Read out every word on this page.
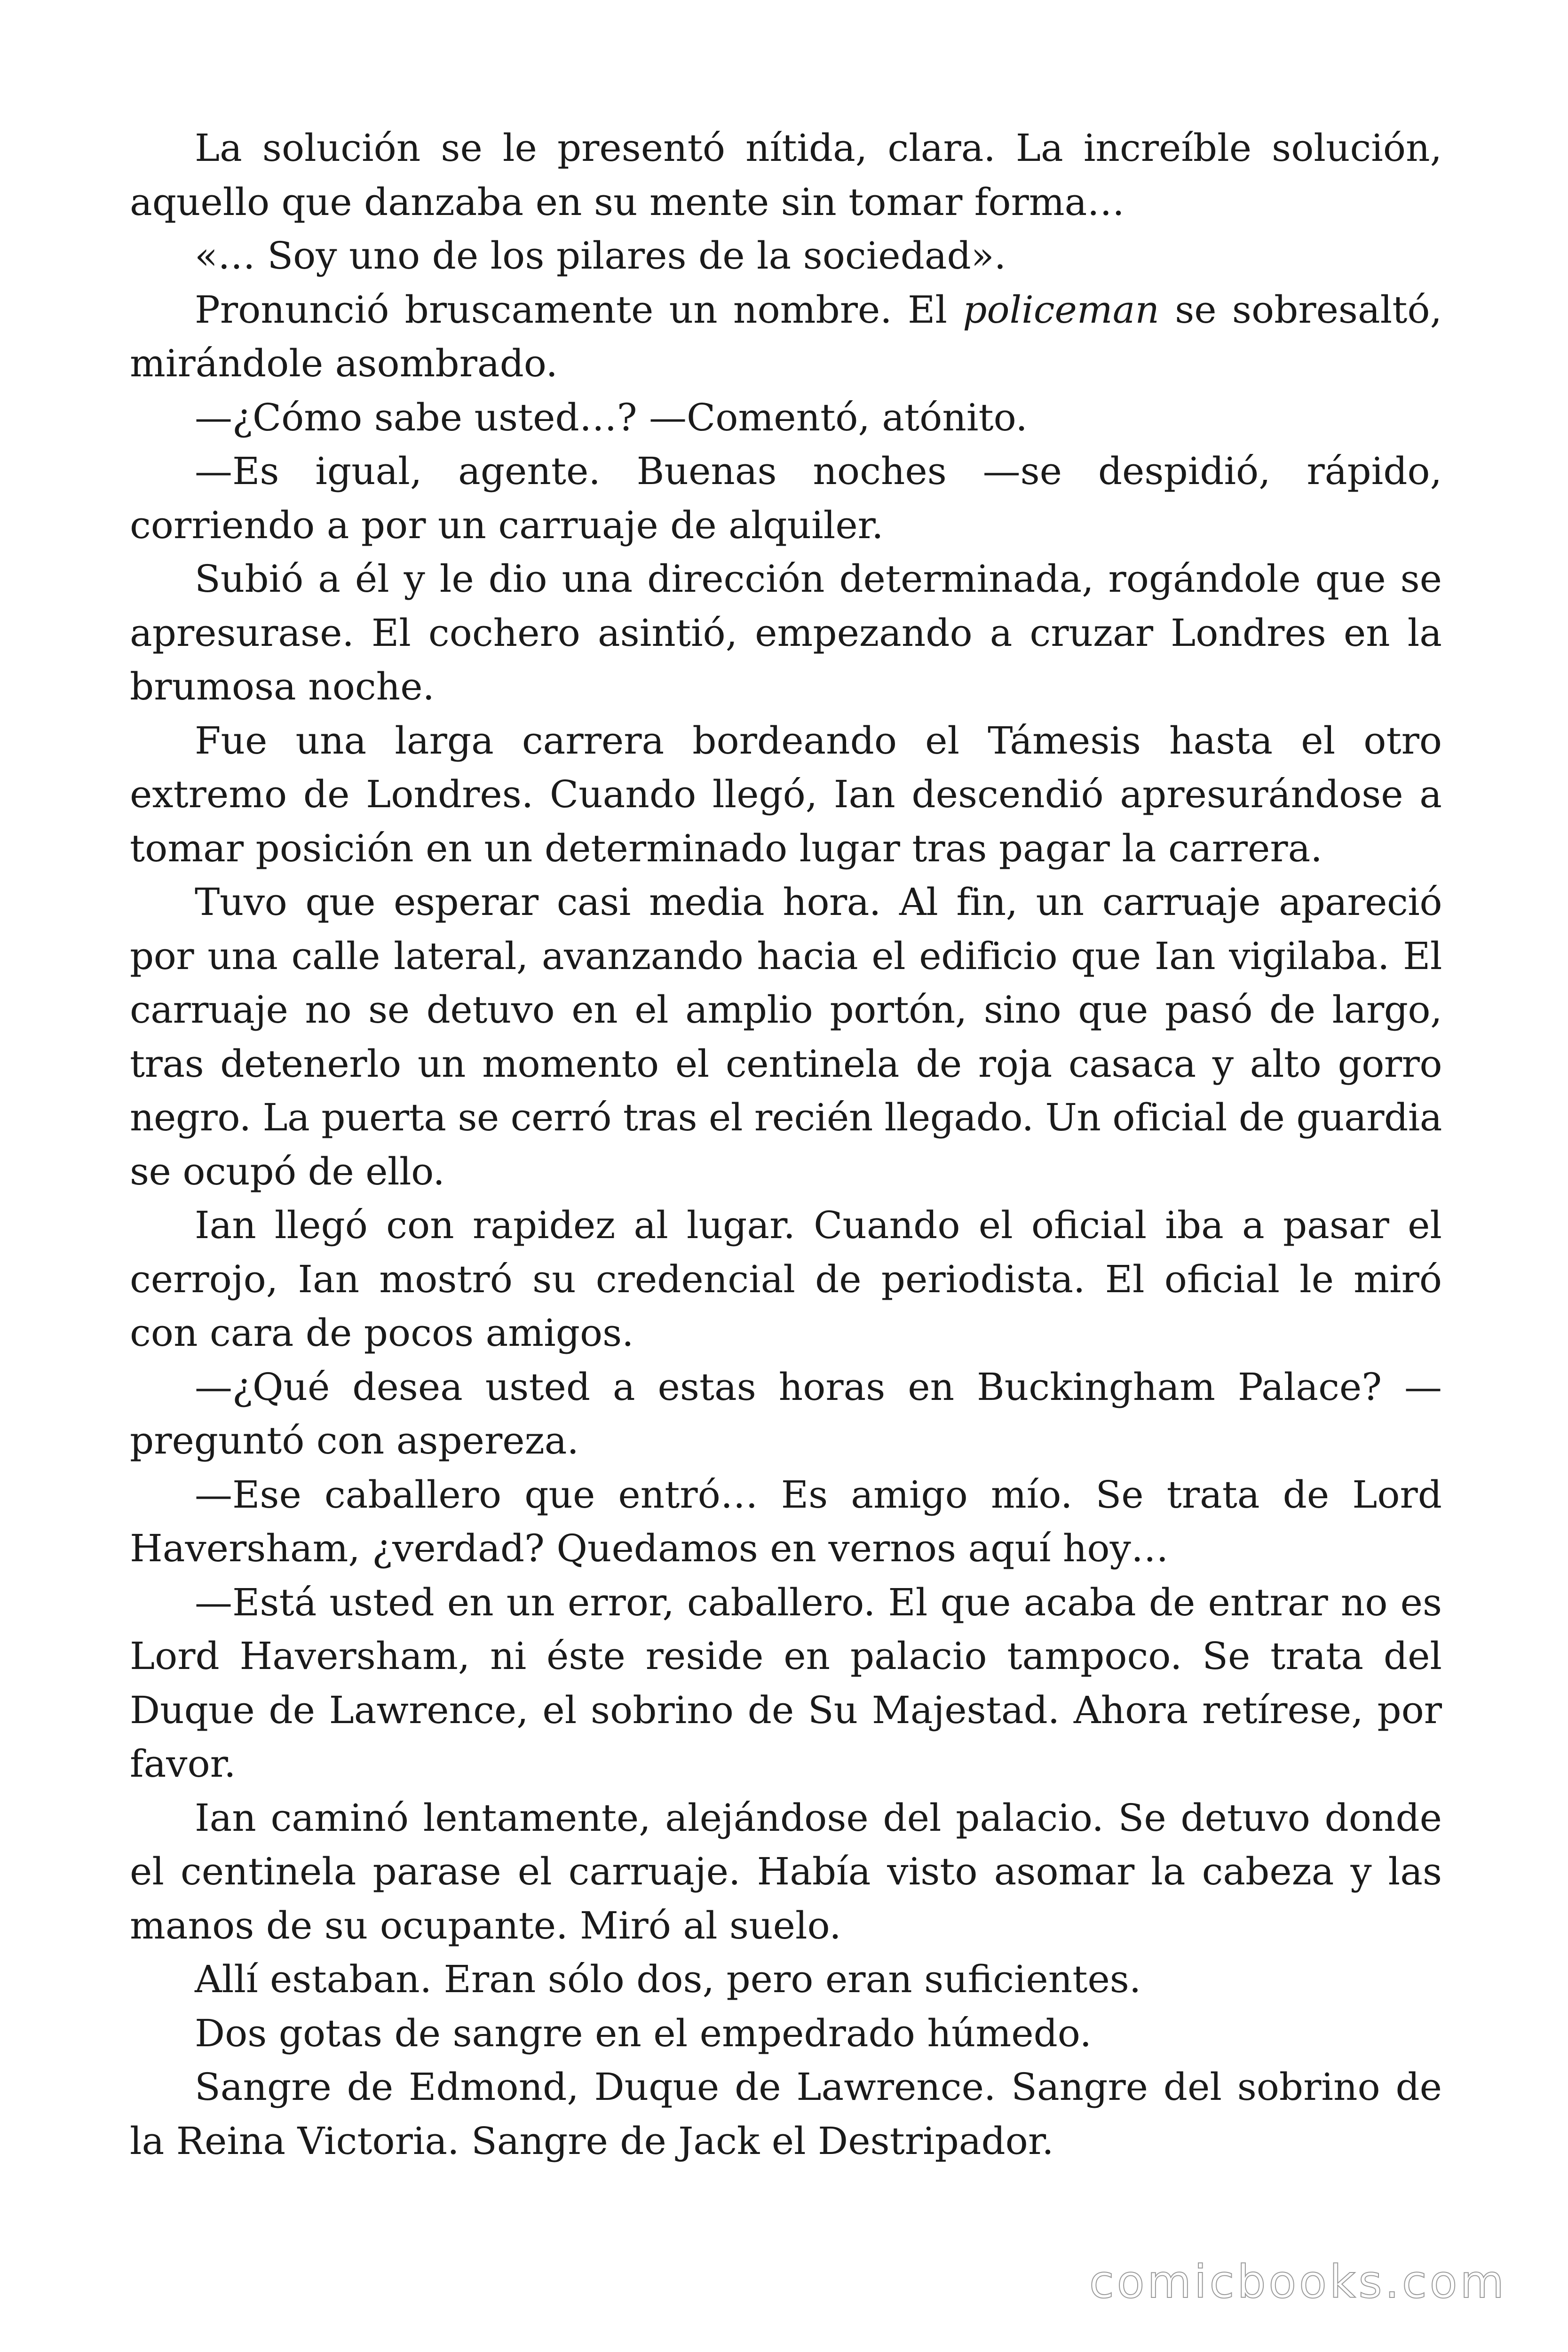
La solución se le presentó nítida, clara. La increíble solución, aquello que danzaba en su mente sin tomar forma…

«… Soy uno de los pilares de la sociedad».

Pronunció bruscamente un nombre. El policeman se sobresaltó, mirándole asombrado.

—¿Cómo sabe usted…? —Comentó, atónito.

—Es igual, agente. Buenas noches —se despidió, rápido, corriendo a por un carruaje de alquiler.

Subió a él y le dio una dirección determinada, rogándole que se apresurase. El cochero asintió, empezando a cruzar Londres en la brumosa noche.

Fue una larga carrera bordeando el Támesis hasta el otro extremo de Londres. Cuando llegó, Ian descendió apresurándose a tomar posición en un determinado lugar tras pagar la carrera.

Tuvo que esperar casi media hora. Al fin, un carruaje apareció por una calle lateral, avanzando hacia el edificio que Ian vigilaba. El carruaje no se detuvo en el amplio portón, sino que pasó de largo, tras detenerlo un momento el centinela de roja casaca y alto gorro negro. La puerta se cerró tras el recién llegado. Un oficial de guardia se ocupó de ello.

Ian llegó con rapidez al lugar. Cuando el oficial iba a pasar el cerrojo, Ian mostró su credencial de periodista. El oficial le miró con cara de pocos amigos.

—¿Qué desea usted a estas horas en Buckingham Palace? —preguntó con aspereza.

—Ese caballero que entró… Es amigo mío. Se trata de Lord Haversham, ¿verdad? Quedamos en vernos aquí hoy…

—Está usted en un error, caballero. El que acaba de entrar no es Lord Haversham, ni éste reside en palacio tampoco. Se trata del Duque de Lawrence, el sobrino de Su Majestad. Ahora retírese, por favor.

Ian caminó lentamente, alejándose del palacio. Se detuvo donde el centinela parase el carruaje. Había visto asomar la cabeza y las manos de su ocupante. Miró al suelo.

Allí estaban. Eran sólo dos, pero eran suficientes.

Dos gotas de sangre en el empedrado húmedo.

Sangre de Edmond, Duque de Lawrence. Sangre del sobrino de la Reina Victoria. Sangre de Jack el Destripador.

comicbooks.com
